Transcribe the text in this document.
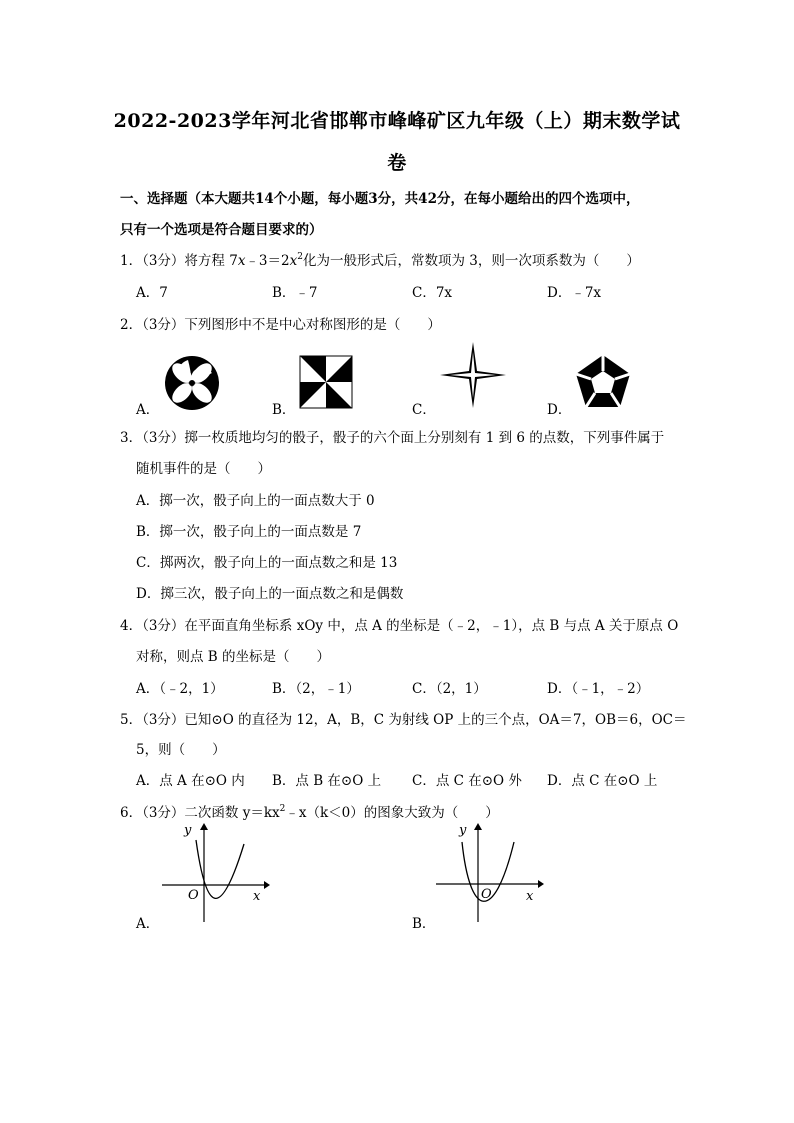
2022-2023学年河北省邯郸市峰峰矿区九年级（上）期末数学试
卷
一、选择题（本大题共14个小题，每小题3分，共42分，在每小题给出的四个选项中，
只有一个选项是符合题目要求的）
1．（3分）将方程 $7x﹣3=2x^2$化为一般形式后，常数项为 3，则一次项系数为（　　）
A．7	B．﹣7	C．7x	D．﹣7x
2．（3分）下列图形中不是中心对称图形的是（　　）
A．	B．	C．	D．
3．（3分）掷一枚质地均匀的骰子，骰子的六个面上分别刻有 1 到 6 的点数，下列事件属于
随机事件的是（　　）
A．掷一次，骰子向上的一面点数大于 0
B．掷一次，骰子向上的一面点数是 7
C．掷两次，骰子向上的一面点数之和是 13
D．掷三次，骰子向上的一面点数之和是偶数
4．（3分）在平面直角坐标系 xOy 中，点 A 的坐标是（﹣2，﹣1），点 B 与点 A 关于原点 O
对称，则点 B 的坐标是（　　）
A．（﹣2，1）	B．（2，﹣1）	C．（2，1）	D．（﹣1，﹣2）
5．（3分）已知⊙O 的直径为 12，A，B，C 为射线 OP 上的三个点，OA＝7，OB＝6，OC＝
5，则（　　）
A．点 A 在⊙O 内 B．点 B 在⊙O 上 C．点 C 在⊙O 外 D．点 C 在⊙O 上
6．（3分）二次函数 $y=kx^2﹣x(k<0)$的图象大致为（　　）
A．
y
O	x
B．
y
O	x
